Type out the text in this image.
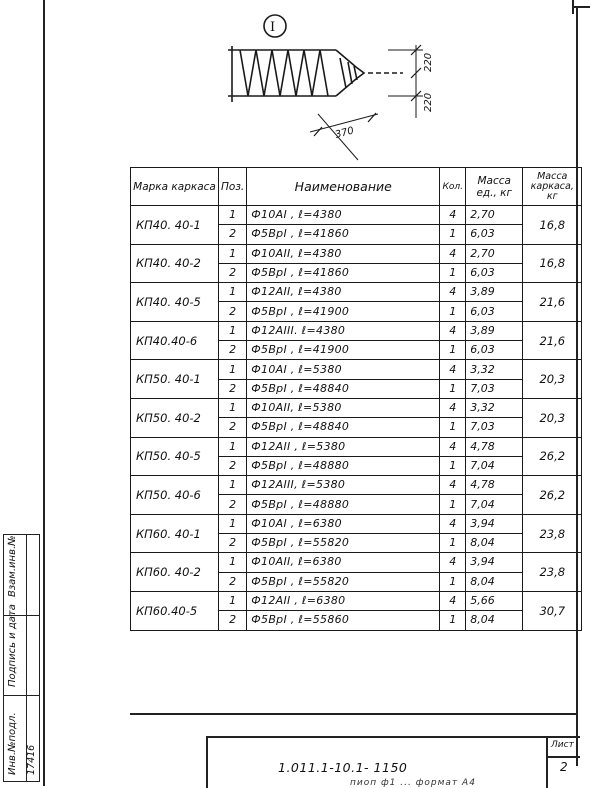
Взам.инв.№
Подпись и дата
Инв.№подл. 17416
I
220
220
370
Марка каркаса	Поз.	Наименование	Кол.	Масса ед., кг	Масса каркаса, кг

КП40. 40-1	1	Ф10АI , ℓ=4380	4	2,70	16,8
	2	Ф5ВрI , ℓ=41860	1	6,03	
КП40. 40-2	1	Ф10АII, ℓ=4380	4	2,70	16,8
	2	Ф5ВрI , ℓ=41860	1	6,03	
КП40. 40-5	1	Ф12АII, ℓ=4380	4	3,89	21,6
	2	Ф5ВрI , ℓ=41900	1	6,03	
КП40.40-6	1	Ф12АIII. ℓ=4380	4	3,89	21,6
	2	Ф5ВрI , ℓ=41900	1	6,03	
КП50. 40-1	1	Ф10АI , ℓ=5380	4	3,32	20,3
	2	Ф5ВрI , ℓ=48840	1	7,03	
КП50. 40-2	1	Ф10АII, ℓ=5380	4	3,32	20,3
	2	Ф5ВрI , ℓ=48840	1	7,03	
КП50. 40-5	1	Ф12АII , ℓ=5380	4	4,78	26,2
	2	Ф5ВрI , ℓ=48880	1	7,04	
КП50. 40-6	1	Ф12АIII, ℓ=5380	4	4,78	26,2
	2	Ф5ВрI , ℓ=48880	1	7,04	
КП60. 40-1	1	Ф10АI , ℓ=6380	4	3,94	23,8
	2	Ф5ВрI , ℓ=55820	1	8,04	
КП60. 40-2	1	Ф10АII, ℓ=6380	4	3,94	23,8
	2	Ф5ВрI , ℓ=55820	1	8,04	
КП60.40-5	1	Ф12АII , ℓ=6380	4	5,66	30,7
	2	Ф5ВрI , ℓ=55860	1	8,04	
1.011.1-10.1- 1150
Лист
2
пиоп ф1 ... формат А4
